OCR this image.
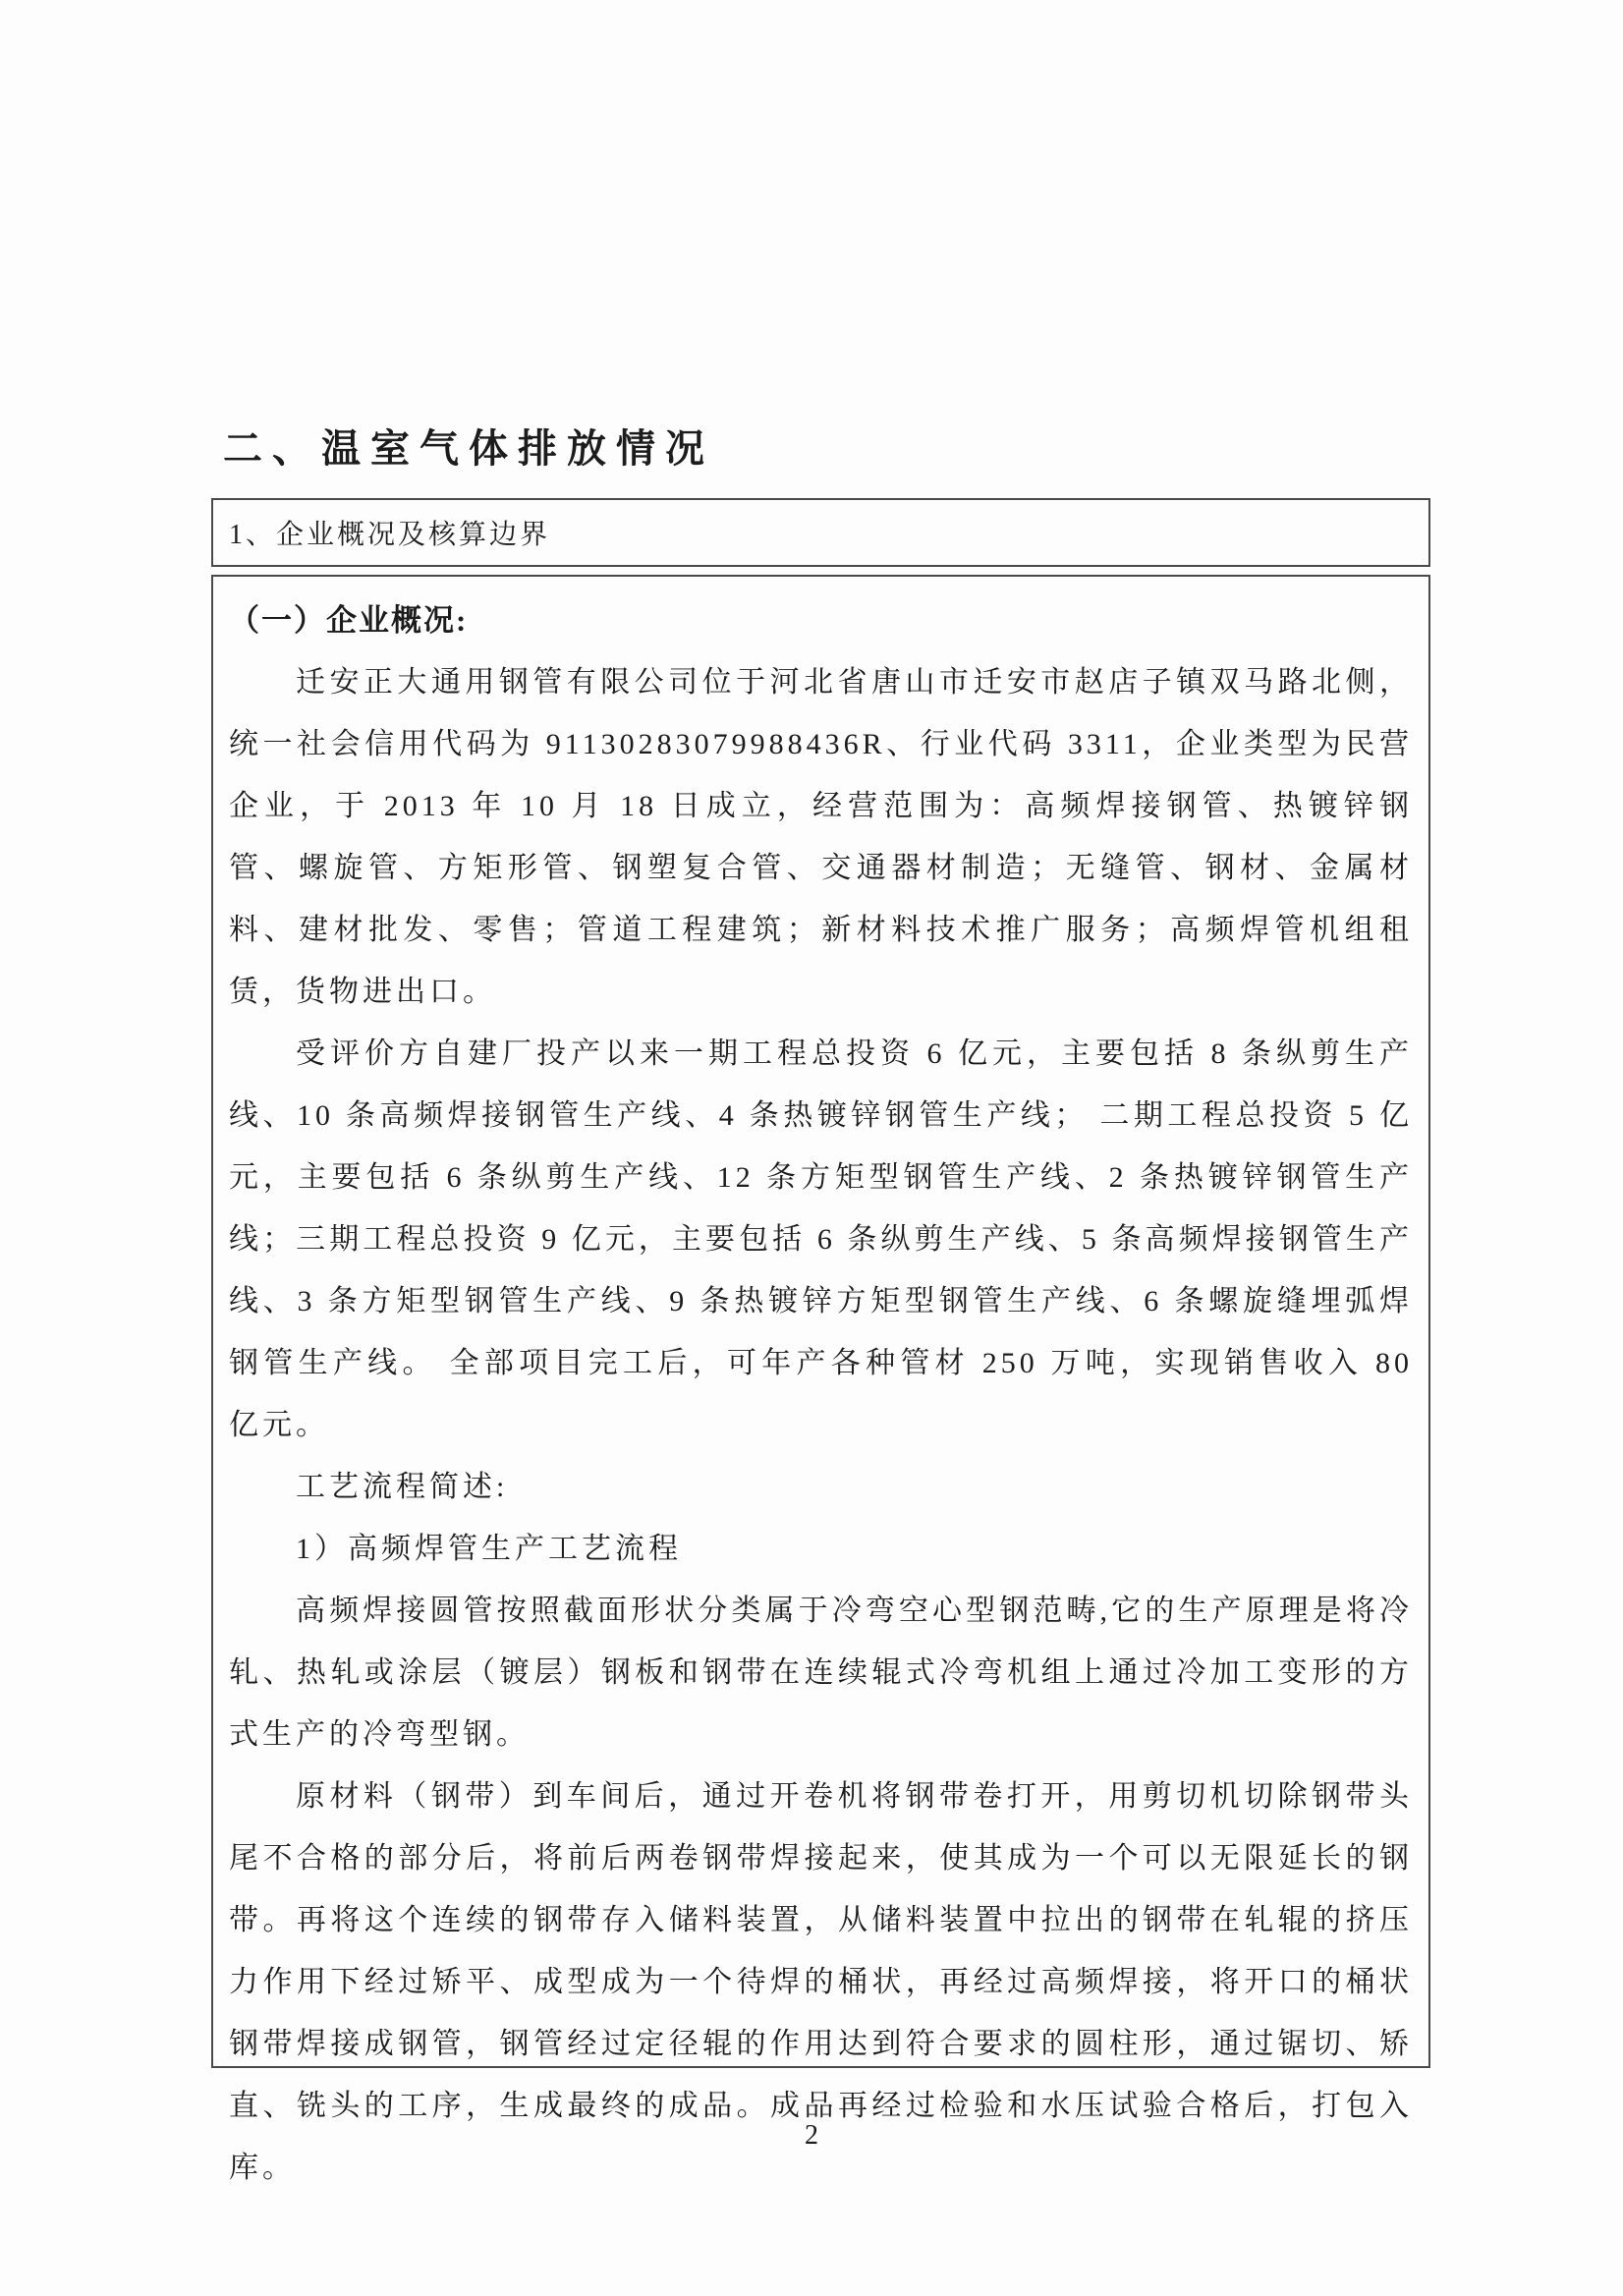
二、温室气体排放情况
1、企业概况及核算边界

（一）企业概况:

迁安正大通用钢管有限公司位于河北省唐山市迁安市赵店子镇双马路北侧，统一社会信用代码为 91130283079988436R、行业代码 3311，企业类型为民营企业，于 2013 年 10 月 18 日成立，经营范围为：高频焊接钢管、热镀锌钢管、螺旋管、方矩形管、钢塑复合管、交通器材制造；无缝管、钢材、金属材料、建材批发、零售；管道工程建筑；新材料技术推广服务；高频焊管机组租赁，货物进出口。

受评价方自建厂投产以来一期工程总投资 6 亿元，主要包括 8 条纵剪生产线、10 条高频焊接钢管生产线、4 条热镀锌钢管生产线； 二期工程总投资 5 亿元，主要包括 6 条纵剪生产线、12 条方矩型钢管生产线、2 条热镀锌钢管生产线；三期工程总投资 9 亿元，主要包括 6 条纵剪生产线、5 条高频焊接钢管生产线、3 条方矩型钢管生产线、9 条热镀锌方矩型钢管生产线、6 条螺旋缝埋弧焊钢管生产线。 全部项目完工后，可年产各种管材 250 万吨，实现销售收入 80 亿元。

工艺流程简述:

1）高频焊管生产工艺流程

高频焊接圆管按照截面形状分类属于冷弯空心型钢范畴,它的生产原理是将冷轧、热轧或涂层（镀层）钢板和钢带在连续辊式冷弯机组上通过冷加工变形的方式生产的冷弯型钢。

原材料（钢带）到车间后，通过开卷机将钢带卷打开，用剪切机切除钢带头尾不合格的部分后，将前后两卷钢带焊接起来，使其成为一个可以无限延长的钢带。再将这个连续的钢带存入储料装置，从储料装置中拉出的钢带在轧辊的挤压力作用下经过矫平、成型成为一个待焊的桶状，再经过高频焊接，将开口的桶状钢带焊接成钢管，钢管经过定径辊的作用达到符合要求的圆柱形，通过锯切、矫直、铣头的工序，生成最终的成品。成品再经过检验和水压试验合格后，打包入库。

2
